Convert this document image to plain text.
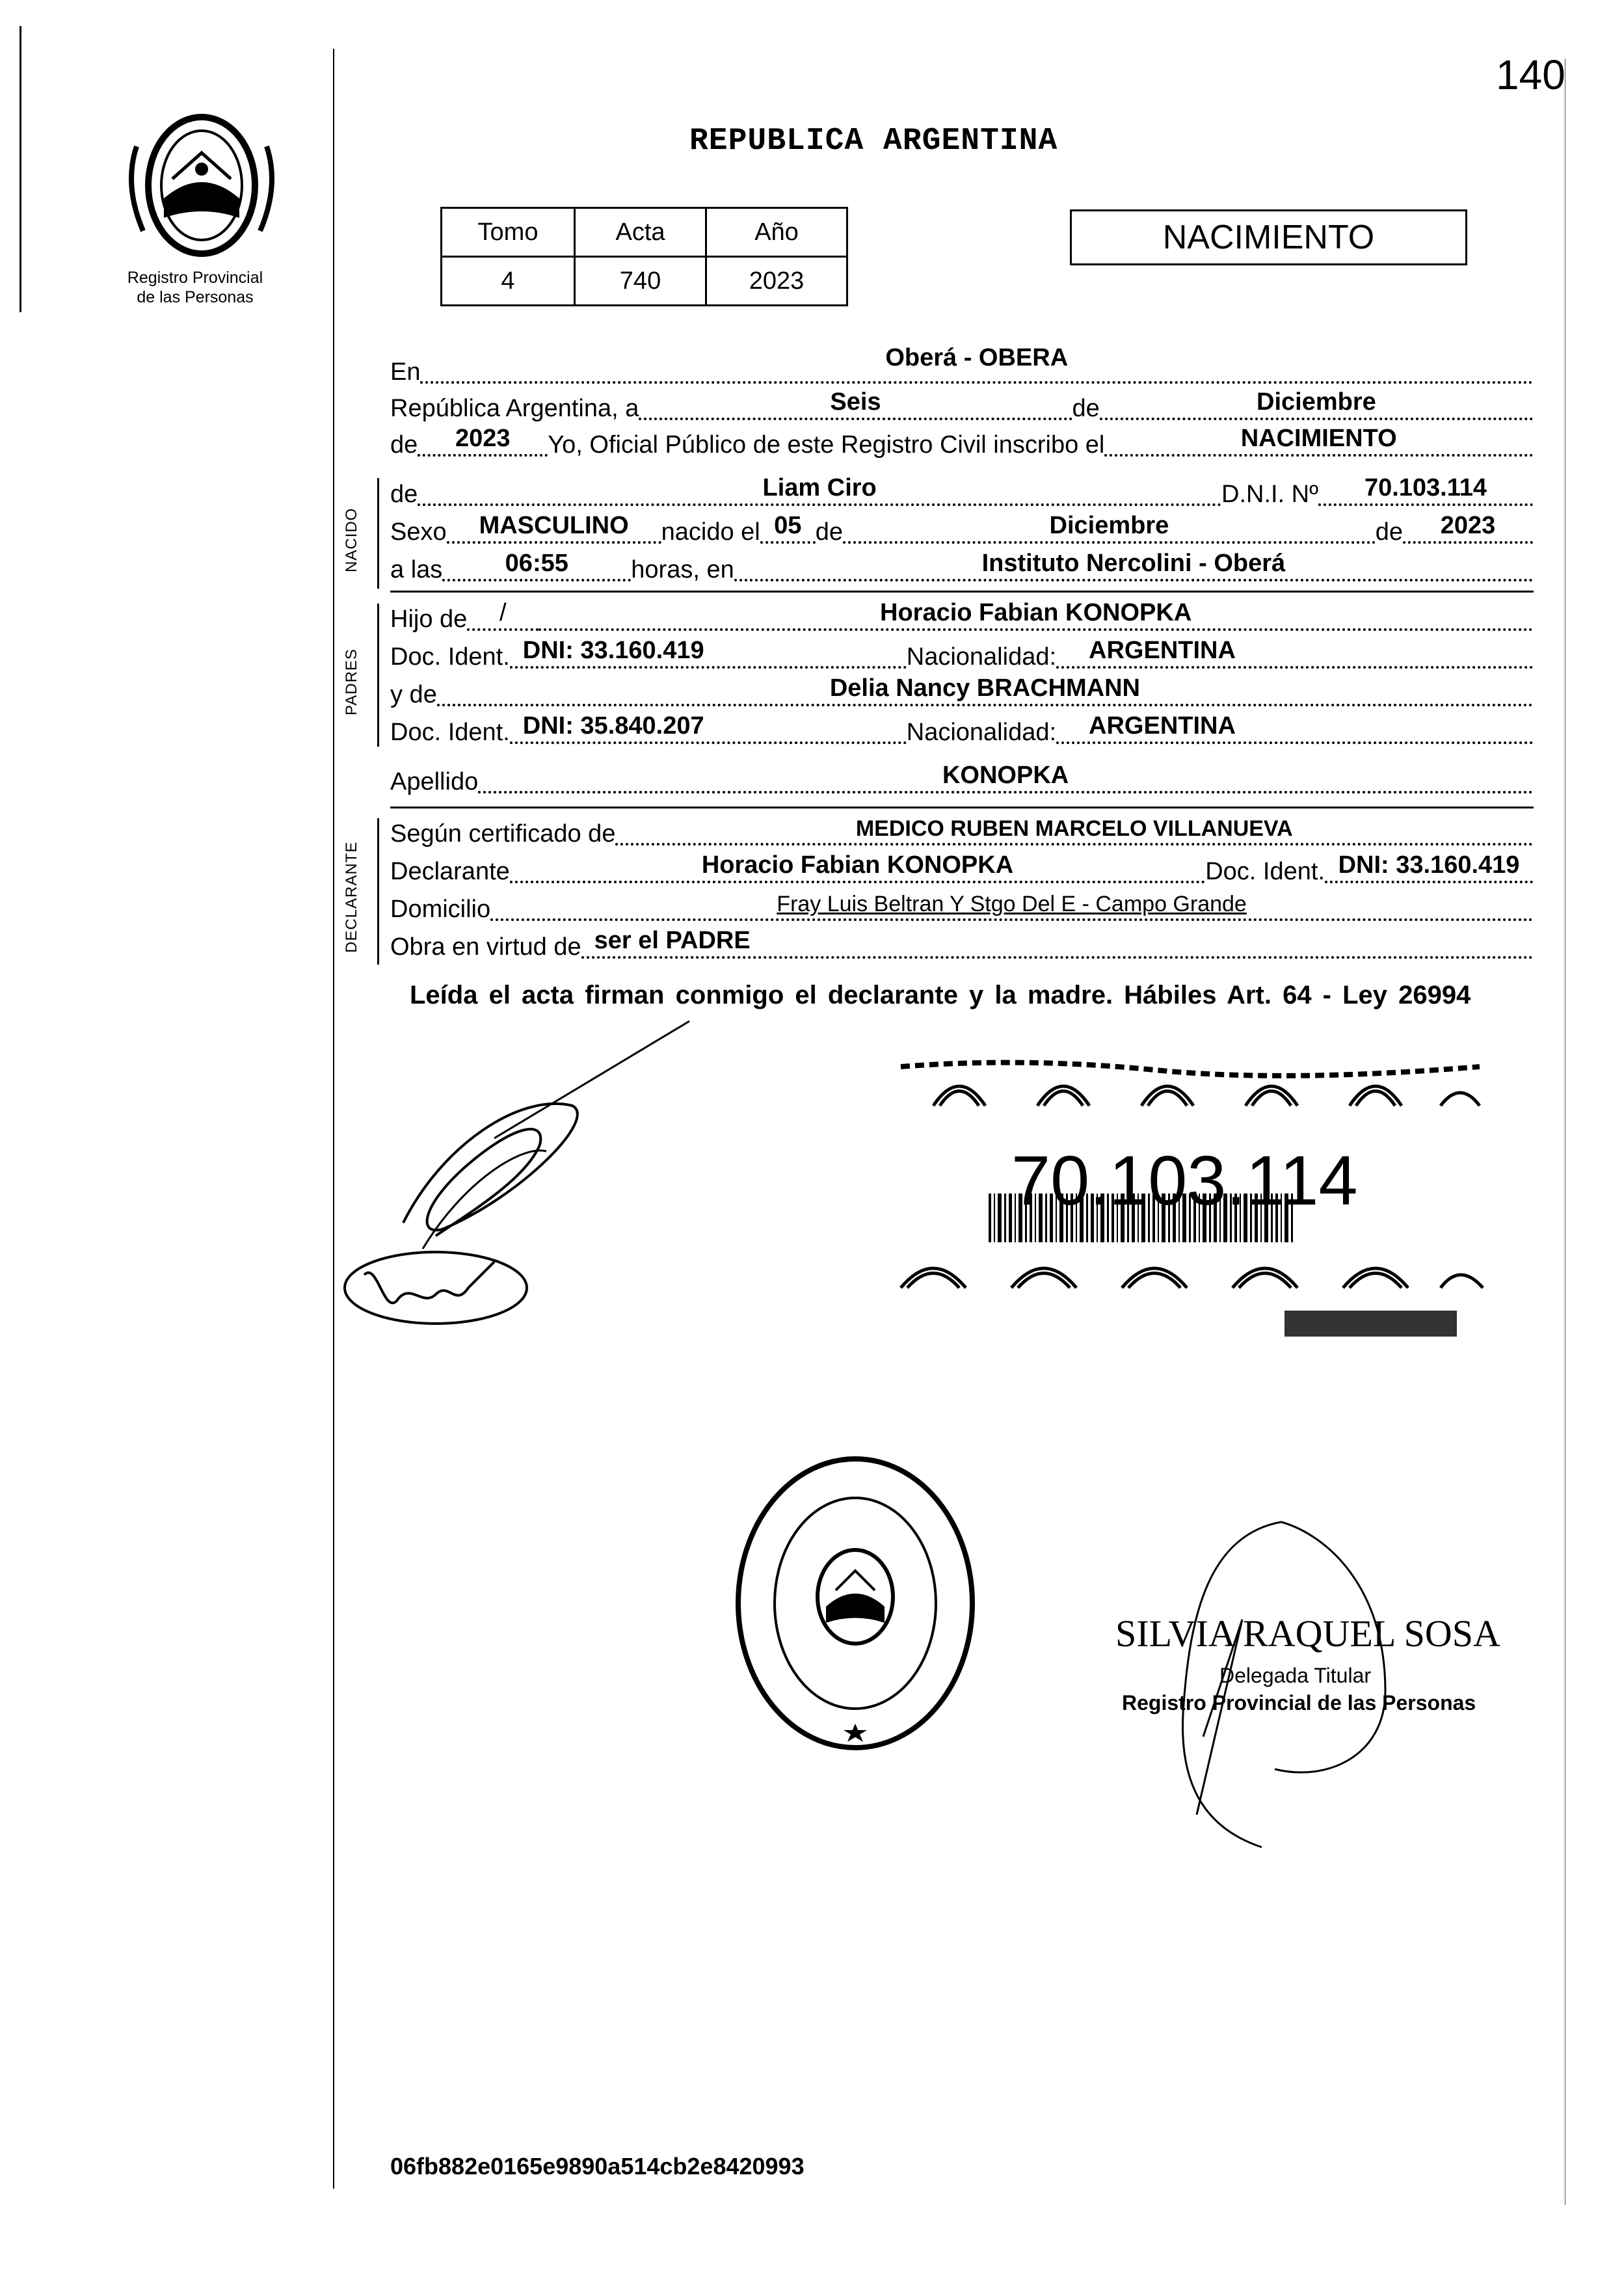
140
Registro Provincial
de las Personas
REPUBLICA ARGENTINA
Tomo	Acta	Año
4	740	2023
NACIMIENTO
En
Oberá - OBERA
República Argentina, a	Seis	de	Diciembre
de	2023	Yo, Oficial Público de este Registro Civil inscribo el	NACIMIENTO
NACIDO
de	Liam Ciro	D.N.I. Nº	70.103.114
Sexo	MASCULINO	nacido el 05 de	Diciembre	de	2023
a las	06:55	horas, en	Instituto Nercolini - Oberá
PADRES
Hijo de	/	Horacio Fabian KONOPKA
Doc. Ident. DNI: 33.160.419	Nacionalidad:	ARGENTINA
y de	Delia Nancy BRACHMANN
Doc. Ident. DNI: 35.840.207	Nacionalidad:	ARGENTINA
Apellido	KONOPKA
DECLARANTE
Según certificado de	MEDICO RUBEN MARCELO VILLANUEVA
Declarante	Horacio Fabian KONOPKA	Doc. Ident. DNI: 33.160.419
Domicilio	Fray Luis Beltran Y Stgo Del E - Campo Grande
Obra en virtud de ser el PADRE
Leída el acta firman conmigo el declarante y la madre. Hábiles Art. 64 - Ley 26994
70.103.114
SILVIA RAQUEL SOSA
Delegada Titular
Registro Provincial de las Personas
06fb882e0165e9890a514cb2e8420993
